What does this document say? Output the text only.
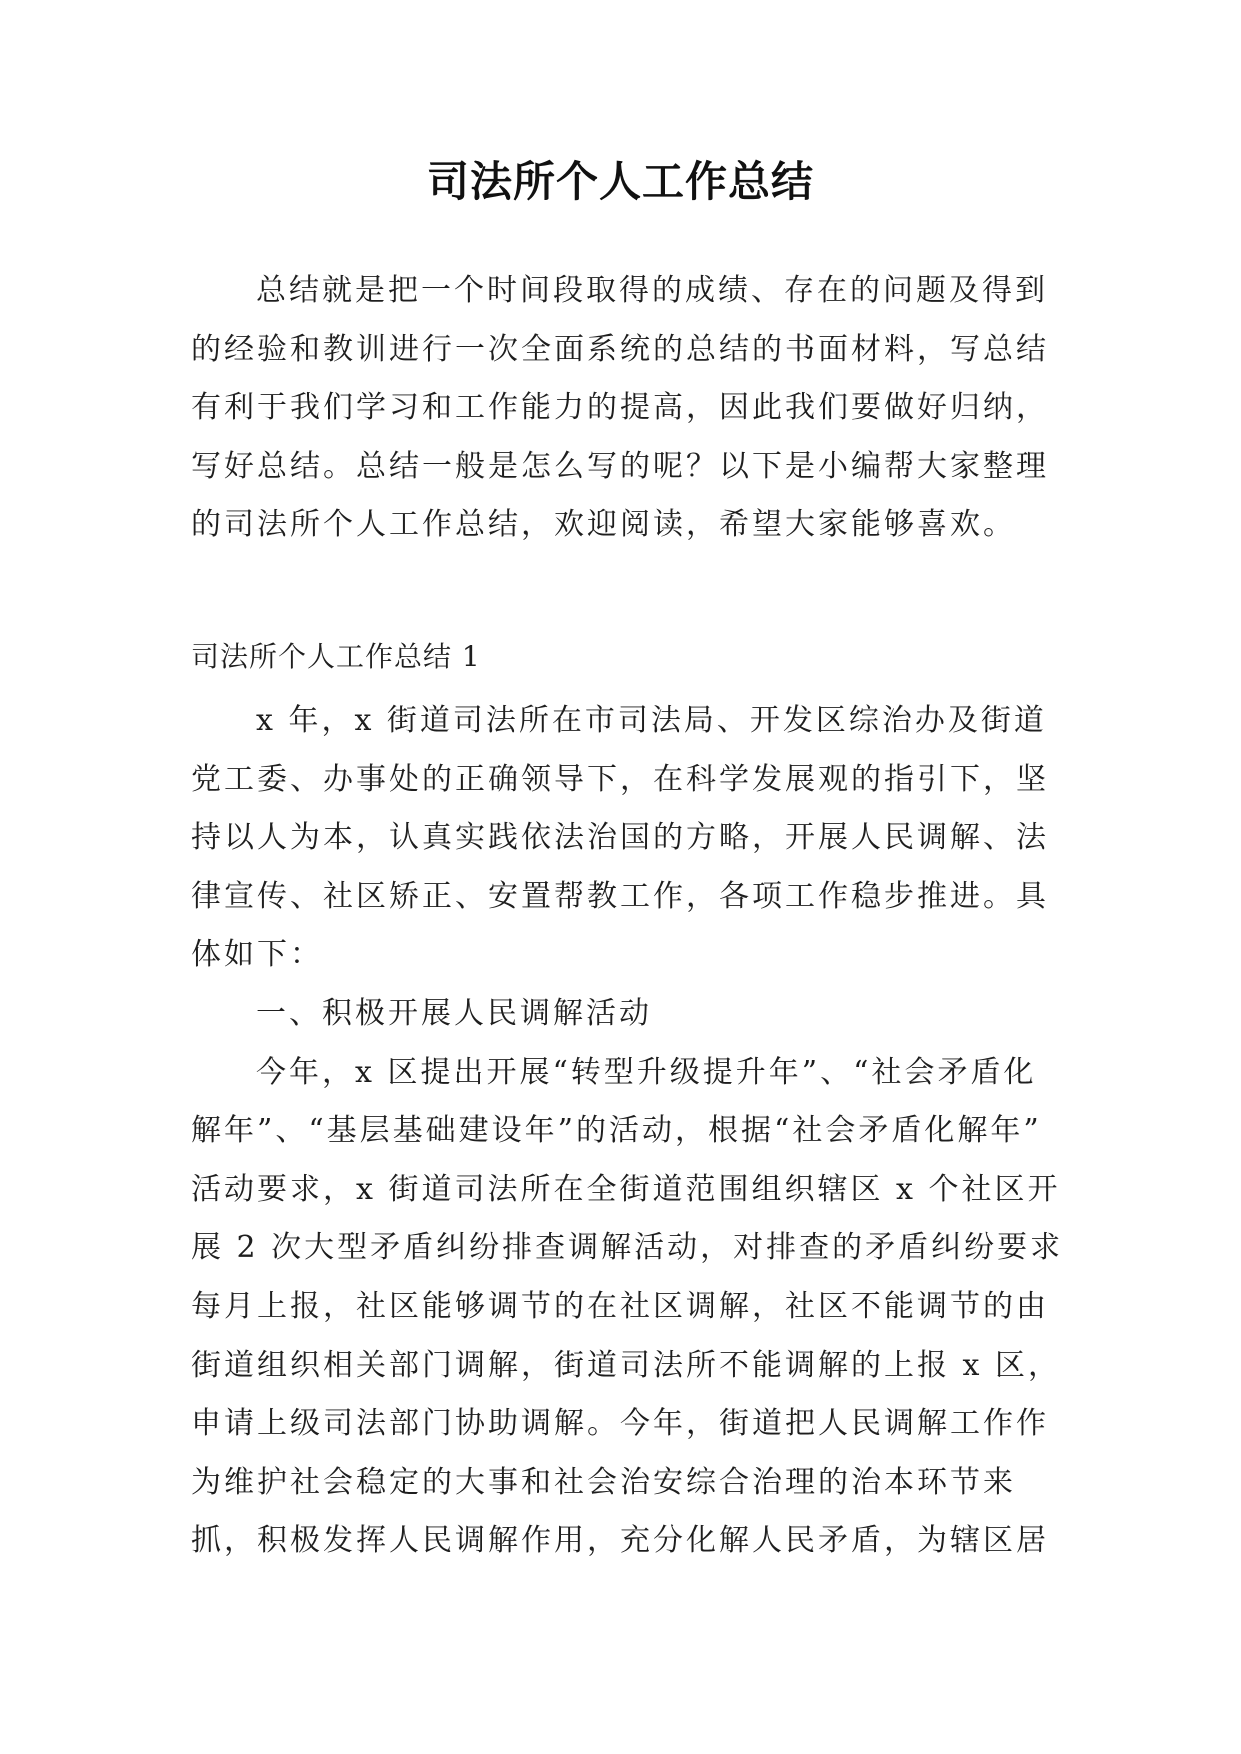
司法所个人工作总结
总结就是把一个时间段取得的成绩、存在的问题及得到
的经验和教训进行一次全面系统的总结的书面材料，写总结
有利于我们学习和工作能力的提高，因此我们要做好归纳，
写好总结。总结一般是怎么写的呢？以下是小编帮大家整理
的司法所个人工作总结，欢迎阅读，希望大家能够喜欢。
司法所个人工作总结 1
x 年，x 街道司法所在市司法局、开发区综治办及街道
党工委、办事处的正确领导下，在科学发展观的指引下，坚
持以人为本，认真实践依法治国的方略，开展人民调解、法
律宣传、社区矫正、安置帮教工作，各项工作稳步推进。具
体如下：
一、积极开展人民调解活动
今年，x 区提出开展“转型升级提升年”、“社会矛盾化
解年”、“基层基础建设年”的活动，根据“社会矛盾化解年”
活动要求，x 街道司法所在全街道范围组织辖区 x 个社区开
展 2 次大型矛盾纠纷排查调解活动，对排查的矛盾纠纷要求
每月上报，社区能够调节的在社区调解，社区不能调节的由
街道组织相关部门调解，街道司法所不能调解的上报 x 区，
申请上级司法部门协助调解。今年，街道把人民调解工作作
为维护社会稳定的大事和社会治安综合治理的治本环节来
抓，积极发挥人民调解作用，充分化解人民矛盾，为辖区居
